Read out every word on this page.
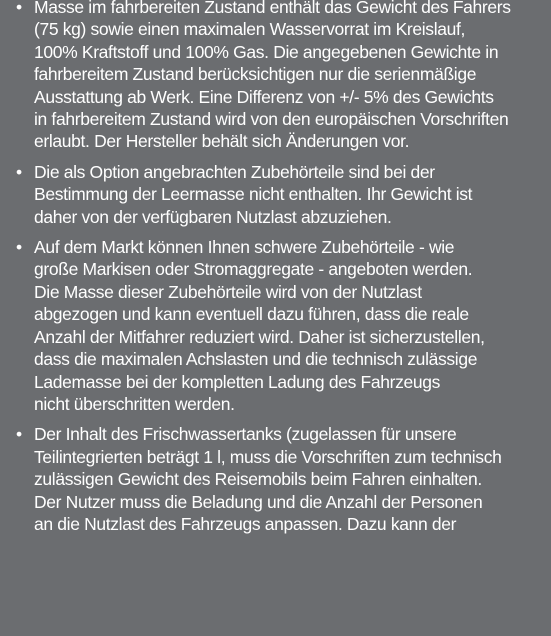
• Masse im fahrbereiten Zustand enthält das Gewicht des Fahrers
(75 kg) sowie einen maximalen Wasservorrat im Kreislauf,
100% Kraftstoff und 100% Gas. Die angegebenen Gewichte in
fahrbereitem Zustand berücksichtigen nur die serienmäßige
Ausstattung ab Werk. Eine Differenz von +/- 5% des Gewichts
in fahrbereitem Zustand wird von den europäischen Vorschriften
erlaubt. Der Hersteller behält sich Änderungen vor.
• Die als Option angebrachten Zubehörteile sind bei der
Bestimmung der Leermasse nicht enthalten. Ihr Gewicht ist
daher von der verfügbaren Nutzlast abzuziehen.
• Auf dem Markt können Ihnen schwere Zubehörteile - wie
große Markisen oder Stromaggregate - angeboten werden.
Die Masse dieser Zubehörteile wird von der Nutzlast
abgezogen und kann eventuell dazu führen, dass die reale
Anzahl der Mitfahrer reduziert wird. Daher ist sicherzustellen,
dass die maximalen Achslasten und die technisch zulässige
Lademasse bei der kompletten Ladung des Fahrzeugs
nicht überschritten werden.
• Der Inhalt des Frischwassertanks (zugelassen für unsere
Teilintegrierten beträgt 1 l, muss die Vorschriften zum technisch
zulässigen Gewicht des Reisemobils beim Fahren einhalten.
Der Nutzer muss die Beladung und die Anzahl der Personen
an die Nutzlast des Fahrzeugs anpassen. Dazu kann der
